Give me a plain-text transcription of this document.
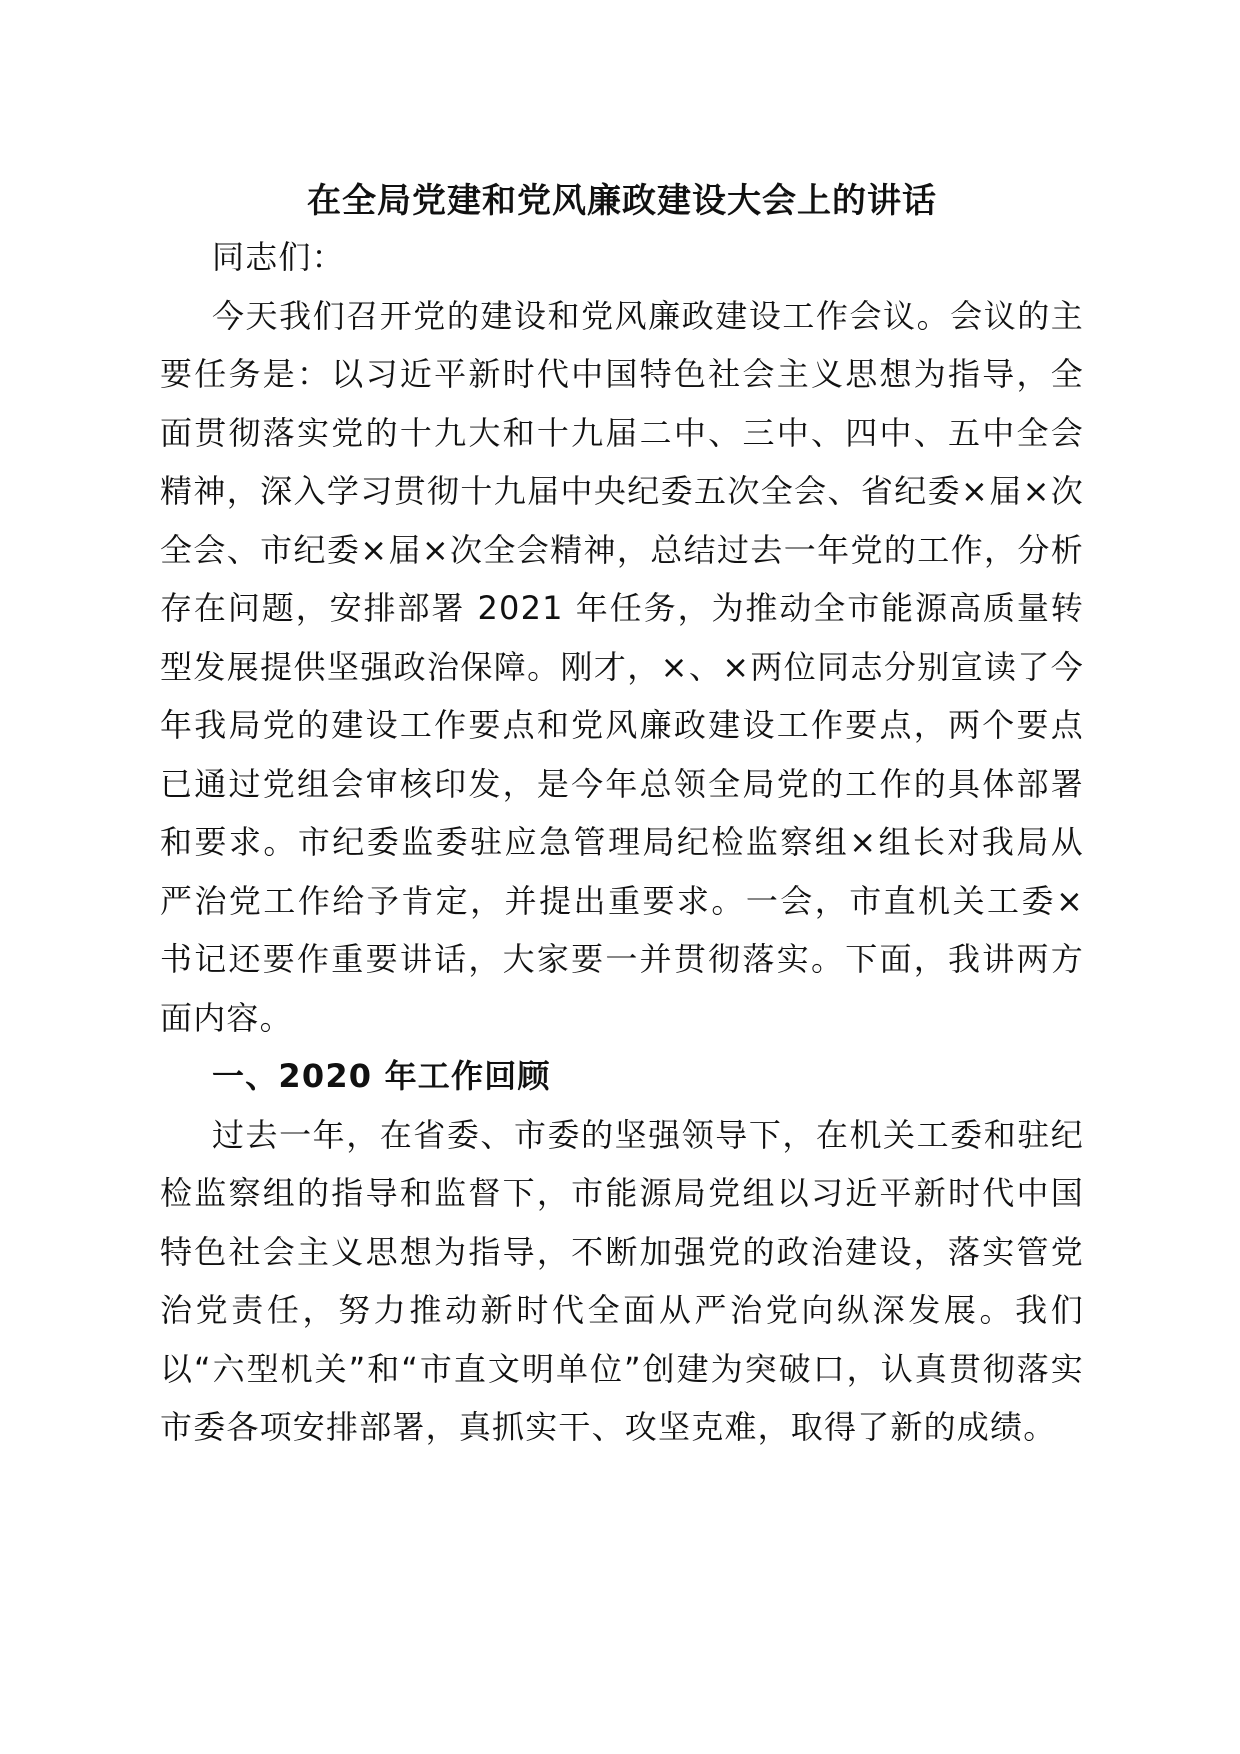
在全局党建和党风廉政建设大会上的讲话

同志们：

今天我们召开党的建设和党风廉政建设工作会议。会议的主要任务是：以习近平新时代中国特色社会主义思想为指导，全面贯彻落实党的十九大和十九届二中、三中、四中、五中全会精神，深入学习贯彻十九届中央纪委五次全会、省纪委×届×次全会、市纪委×届×次全会精神，总结过去一年党的工作，分析存在问题，安排部署 2021 年任务，为推动全市能源高质量转型发展提供坚强政治保障。刚才，×、×两位同志分别宣读了今年我局党的建设工作要点和党风廉政建设工作要点，两个要点已通过党组会审核印发，是今年总领全局党的工作的具体部署和要求。市纪委监委驻应急管理局纪检监察组×组长对我局从严治党工作给予肯定，并提出重要求。一会，市直机关工委×书记还要作重要讲话，大家要一并贯彻落实。下面，我讲两方面内容。

一、2020 年工作回顾

过去一年，在省委、市委的坚强领导下，在机关工委和驻纪检监察组的指导和监督下，市能源局党组以习近平新时代中国特色社会主义思想为指导，不断加强党的政治建设，落实管党治党责任，努力推动新时代全面从严治党向纵深发展。我们以“六型机关”和“市直文明单位”创建为突破口，认真贯彻落实市委各项安排部署，真抓实干、攻坚克难，取得了新的成绩。
